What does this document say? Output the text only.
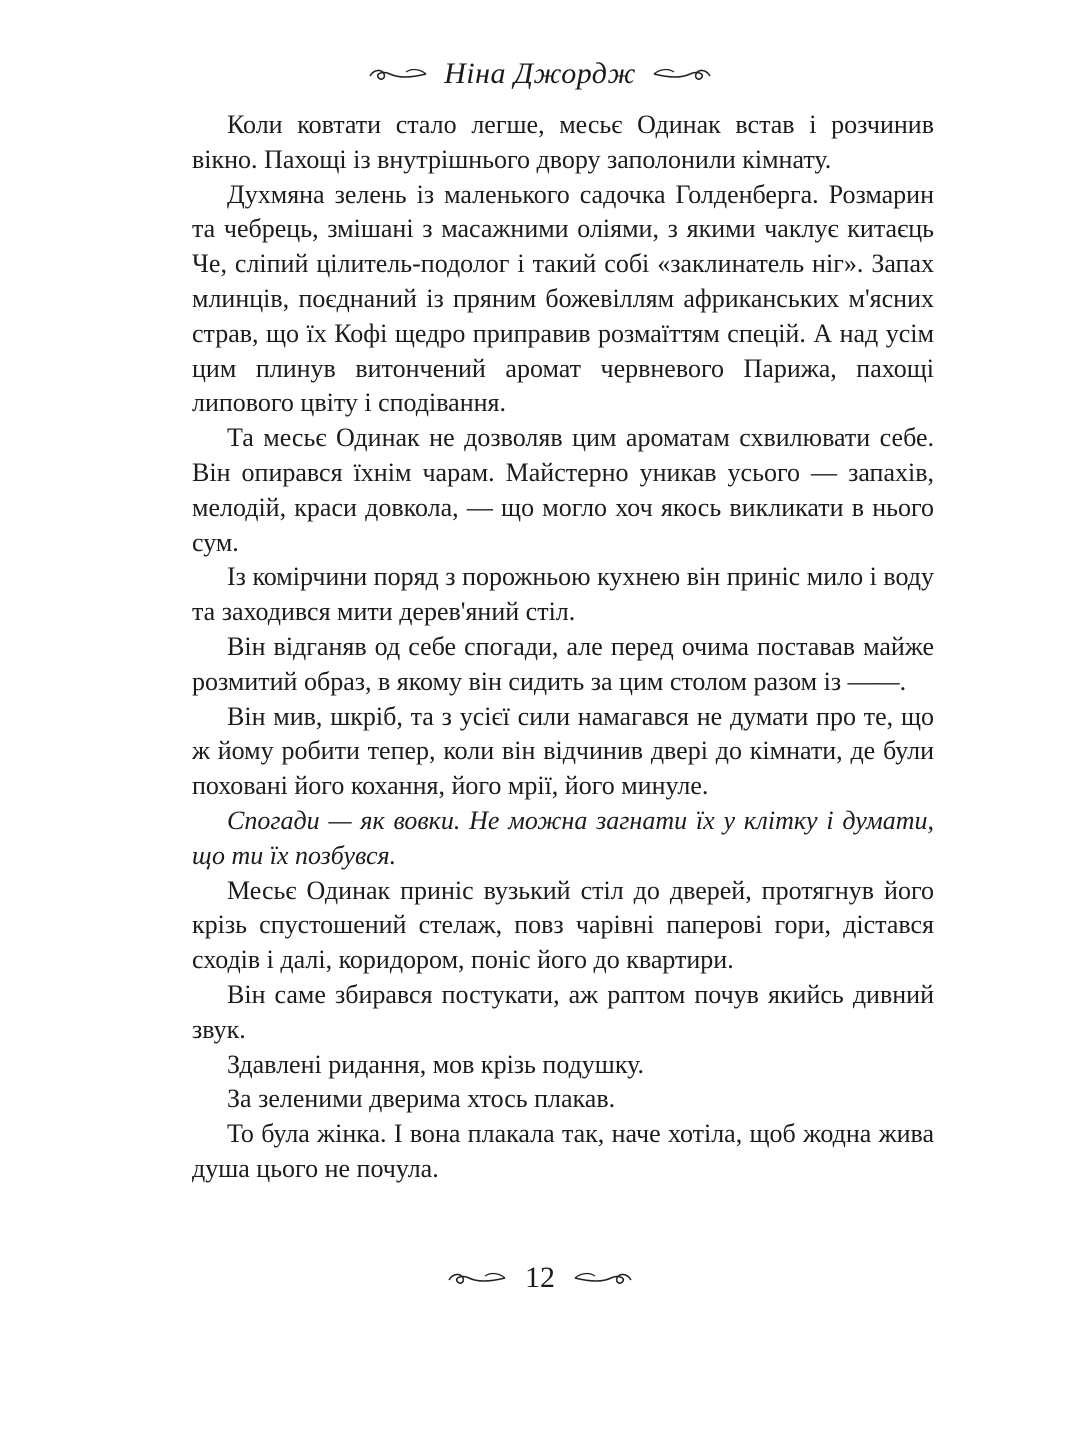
Ніна Джордж

Коли ковтати стало легше, месьє Одинак встав і розчинив вікно. Пахощі із внутрішнього двору заполонили кімнату.

Духмяна зелень із маленького садочка Голденберга. Розмарин та чебрець, змішані з масажними оліями, з якими чаклує китаєць Че, сліпий цілитель-подолог і такий собі «заклинатель ніг». Запах млинців, поєднаний із пряним божевіллям африканських м'ясних страв, що їх Кофі щедро приправив розмаїттям спецій. А над усім цим плинув витончений аромат червневого Парижа, пахощі липового цвіту і сподівання.

Та месьє Одинак не дозволяв цим ароматам схвилювати себе. Він опирався їхнім чарам. Майстерно уникав усього — запахів, мелодій, краси довкола, — що могло хоч якось викликати в нього сум.

Із комірчини поряд з порожньою кухнею він приніс мило і воду та заходився мити дерев'яний стіл.

Він відганяв од себе спогади, але перед очима поставав майже розмитий образ, в якому він сидить за цим столом разом із ——.

Він мив, шкріб, та з усієї сили намагався не думати про те, що ж йому робити тепер, коли він відчинив двері до кімнати, де були поховані його кохання, його мрії, його минуле.

Спогади — як вовки. Не можна загнати їх у клітку і думати, що ти їх позбувся.

Месьє Одинак приніс вузький стіл до дверей, протягнув його крізь спустошений стелаж, повз чарівні паперові гори, дістався сходів і далі, коридором, поніс його до квартири.

Він саме збирався постукати, аж раптом почув якийсь дивний звук.

Здавлені ридання, мов крізь подушку.

За зеленими дверима хтось плакав.

То була жінка. І вона плакала так, наче хотіла, щоб жодна жива душа цього не почула.

12
